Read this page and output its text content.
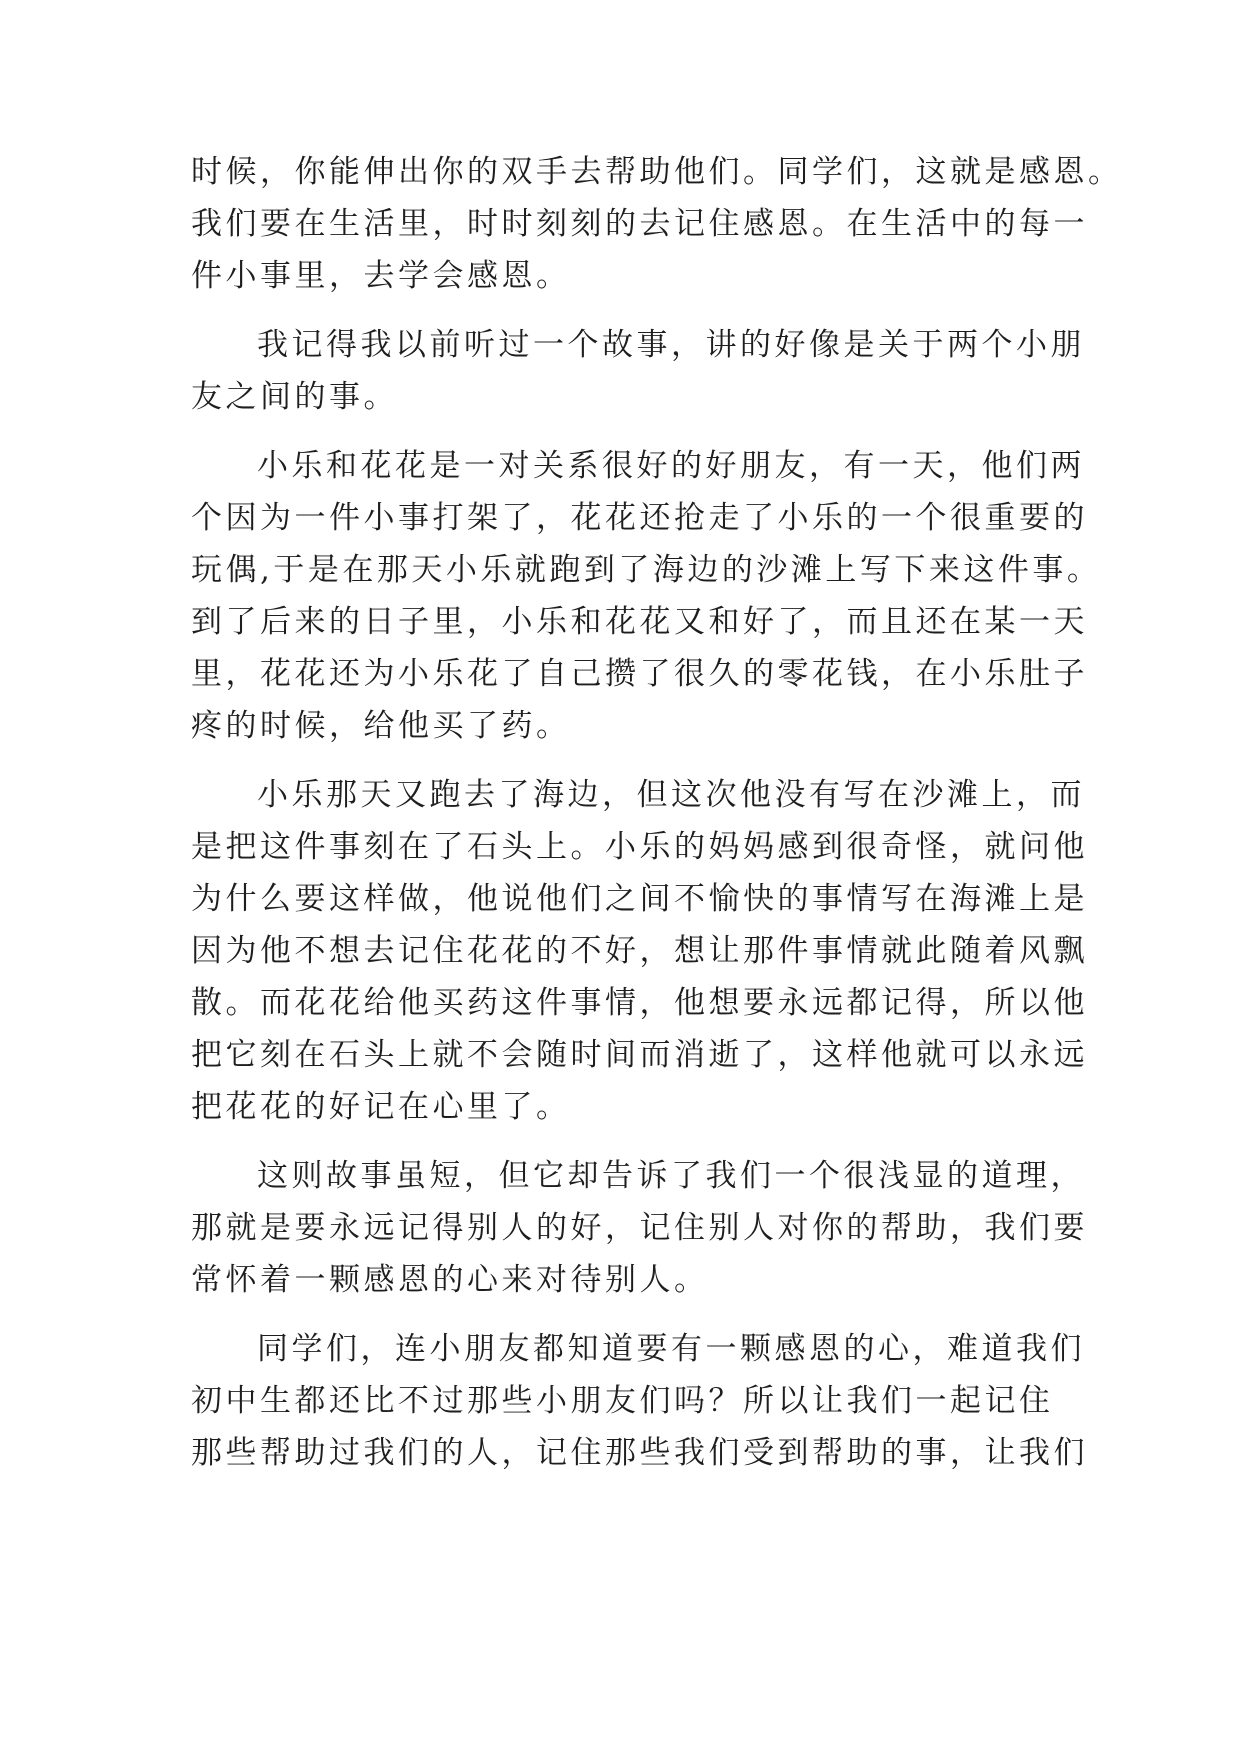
时候，你能伸出你的双手去帮助他们。同学们，这就是感恩。
我们要在生活里，时时刻刻的去记住感恩。在生活中的每一
件小事里，去学会感恩。
我记得我以前听过一个故事，讲的好像是关于两个小朋
友之间的事。
小乐和花花是一对关系很好的好朋友，有一天，他们两
个因为一件小事打架了，花花还抢走了小乐的一个很重要的
玩偶,于是在那天小乐就跑到了海边的沙滩上写下来这件事。
到了后来的日子里，小乐和花花又和好了，而且还在某一天
里，花花还为小乐花了自己攒了很久的零花钱，在小乐肚子
疼的时候，给他买了药。
小乐那天又跑去了海边，但这次他没有写在沙滩上，而
是把这件事刻在了石头上。小乐的妈妈感到很奇怪，就问他
为什么要这样做，他说他们之间不愉快的事情写在海滩上是
因为他不想去记住花花的不好，想让那件事情就此随着风飘
散。而花花给他买药这件事情，他想要永远都记得，所以他
把它刻在石头上就不会随时间而消逝了，这样他就可以永远
把花花的好记在心里了。
这则故事虽短，但它却告诉了我们一个很浅显的道理，
那就是要永远记得别人的好，记住别人对你的帮助，我们要
常怀着一颗感恩的心来对待别人。
同学们，连小朋友都知道要有一颗感恩的心，难道我们
初中生都还比不过那些小朋友们吗？所以让我们一起记住
那些帮助过我们的人，记住那些我们受到帮助的事，让我们
